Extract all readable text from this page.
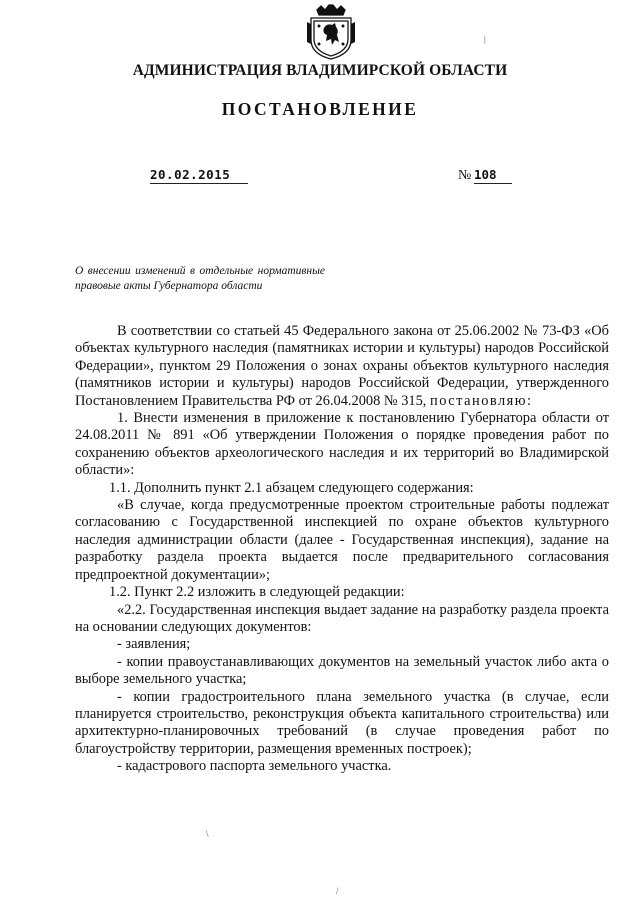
АДМИНИСТРАЦИЯ ВЛАДИМИРСКОЙ ОБЛАСТИ
ПОСТАНОВЛЕНИЕ
20.02.2015	№ 108
О внесении изменений в отдельные нормативные правовые акты Губернатора области

В соответствии со статьей 45 Федерального закона от 25.06.2002 № 73-ФЗ «Об объектах культурного наследия (памятниках истории и культуры) народов Российской Федерации», пунктом 29 Положения о зонах охраны объектов культурного наследия (памятников истории и культуры) народов Российской Федерации, утвержденного Постановлением Правительства РФ от 26.04.2008 № 315, постановляю:

1. Внести изменения в приложение к постановлению Губернатора области от 24.08.2011 № 891 «Об утверждении Положения о порядке проведения работ по сохранению объектов археологического наследия и их территорий во Владимирской области»:

1.1. Дополнить пункт 2.1 абзацем следующего содержания:

«В случае, когда предусмотренные проектом строительные работы подлежат согласованию с Государственной инспекцией по охране объектов культурного наследия администрации области (далее - Государственная инспекция), задание на разработку раздела проекта выдается после предварительного согласования предпроектной документации»;

1.2. Пункт 2.2 изложить в следующей редакции:

«2.2. Государственная инспекция выдает задание на разработку раздела проекта на основании следующих документов:

- заявления;

- копии правоустанавливающих документов на земельный участок либо акта о выборе земельного участка;

- копии градостроительного плана земельного участка (в случае, если планируется строительство, реконструкция объекта капитального строительства) или архитектурно-планировочных требований (в случае проведения работ по благоустройству территории, размещения временных построек);

- кадастрового паспорта земельного участка.

|
\
/
